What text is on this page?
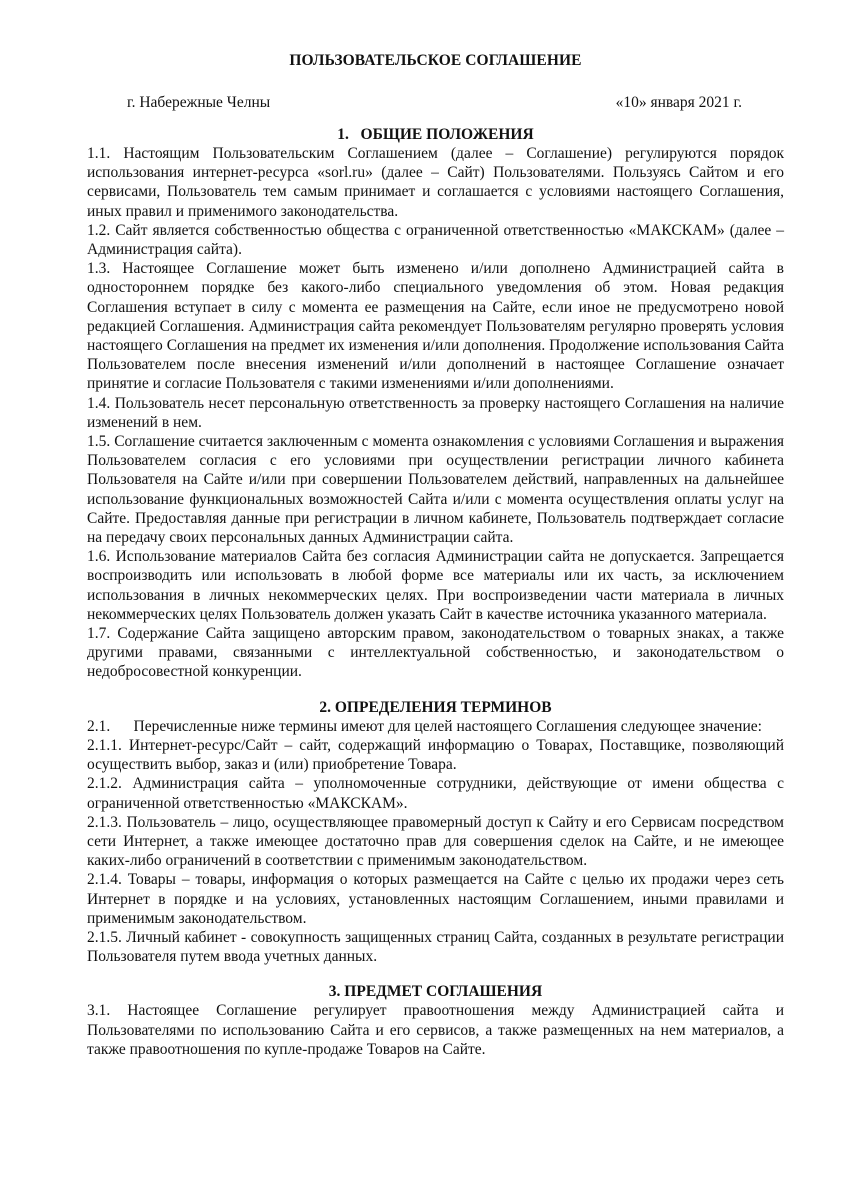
ПОЛЬЗОВАТЕЛЬСКОЕ СОГЛАШЕНИЕ
г. Набережные Челны	«10» января 2021 г.
1.   ОБЩИЕ ПОЛОЖЕНИЯ

1.1. Настоящим Пользовательским Соглашением (далее – Соглашение) регулируются порядок использования интернет-ресурса «sorl.ru» (далее – Сайт) Пользователями. Пользуясь Сайтом и его сервисами, Пользователь тем самым принимает и соглашается с условиями настоящего Соглашения, иных правил и применимого законодательства.

1.2. Сайт является собственностью общества с ограниченной ответственностью «МАКСКАМ» (далее – Администрация сайта).

1.3. Настоящее Соглашение может быть изменено и/или дополнено Администрацией сайта в одностороннем порядке без какого-либо специального уведомления об этом. Новая редакция Соглашения вступает в силу с момента ее размещения на Сайте, если иное не предусмотрено новой редакцией Соглашения. Администрация сайта рекомендует Пользователям регулярно проверять условия настоящего Соглашения на предмет их изменения и/или дополнения. Продолжение использования Сайта Пользователем после внесения изменений и/или дополнений в настоящее Соглашение означает принятие и согласие Пользователя с такими изменениями и/или дополнениями.

1.4. Пользователь несет персональную ответственность за проверку настоящего Соглашения на наличие изменений в нем.

1.5. Соглашение считается заключенным с момента ознакомления с условиями Соглашения и выражения Пользователем согласия с его условиями при осуществлении регистрации личного кабинета Пользователя на Сайте и/или при совершении Пользователем действий, направленных на дальнейшее использование функциональных возможностей Сайта и/или с момента осуществления оплаты услуг на Сайте. Предоставляя данные при регистрации в личном кабинете, Пользователь подтверждает согласие на передачу своих персональных данных Администрации сайта.

1.6. Использование материалов Сайта без согласия Администрации сайта не допускается. Запрещается воспроизводить или использовать в любой форме все материалы или их часть, за исключением использования в личных некоммерческих целях. При воспроизведении части материала в личных некоммерческих целях Пользователь должен указать Сайт в качестве источника указанного материала.

1.7. Содержание Сайта защищено авторским правом, законодательством о товарных знаках, а также другими правами, связанными с интеллектуальной собственностью, и законодательством о недобросовестной конкуренции.

2. ОПРЕДЕЛЕНИЯ ТЕРМИНОВ

2.1.      Перечисленные ниже термины имеют для целей настоящего Соглашения следующее значение:

2.1.1. Интернет-ресурс/Сайт – сайт, содержащий информацию о Товарах, Поставщике, позволяющий осуществить выбор, заказ и (или) приобретение Товара.

2.1.2. Администрация сайта – уполномоченные сотрудники, действующие от имени общества с ограниченной ответственностью «МАКСКАМ».

2.1.3. Пользователь – лицо, осуществляющее правомерный доступ к Сайту и его Сервисам посредством сети Интернет, а также имеющее достаточно прав для совершения сделок на Сайте, и не имеющее каких-либо ограничений в соответствии с применимым законодательством.

2.1.4. Товары – товары, информация о которых размещается на Сайте с целью их продажи через сеть Интернет в порядке и на условиях, установленных настоящим Соглашением, иными правилами и применимым законодательством.

2.1.5. Личный кабинет - совокупность защищенных страниц Сайта, созданных в результате регистрации Пользователя путем ввода учетных данных.

3. ПРЕДМЕТ СОГЛАШЕНИЯ

3.1. Настоящее Соглашение регулирует правоотношения между Администрацией сайта и Пользователями по использованию Сайта и его сервисов, а также размещенных на нем материалов, а также правоотношения по купле-продаже Товаров на Сайте.
